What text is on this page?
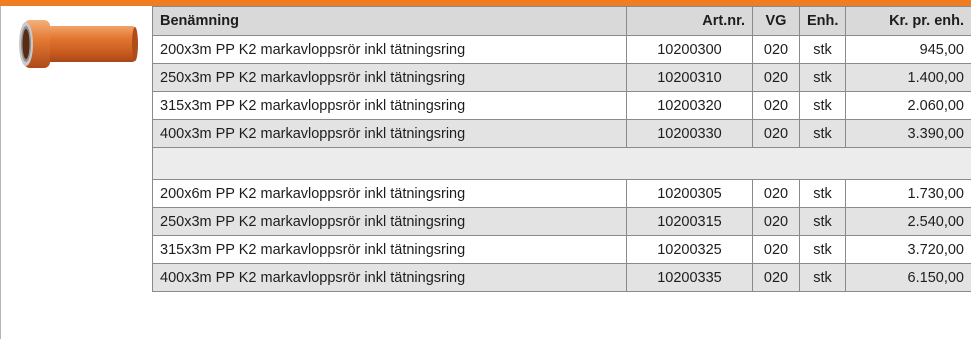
Benämning	Art.nr.	VG	Enh.	Kr. pr. enh.
200x3m PP K2 markavloppsrör inkl tätningsring	10200300	020	stk	945,00
250x3m PP K2 markavloppsrör inkl tätningsring	10200310	020	stk	1.400,00
315x3m PP K2 markavloppsrör inkl tätningsring	10200320	020	stk	2.060,00
400x3m PP K2 markavloppsrör inkl tätningsring	10200330	020	stk	3.390,00

200x6m PP K2 markavloppsrör inkl tätningsring	10200305	020	stk	1.730,00
250x3m PP K2 markavloppsrör inkl tätningsring	10200315	020	stk	2.540,00
315x3m PP K2 markavloppsrör inkl tätningsring	10200325	020	stk	3.720,00
400x3m PP K2 markavloppsrör inkl tätningsring	10200335	020	stk	6.150,00
